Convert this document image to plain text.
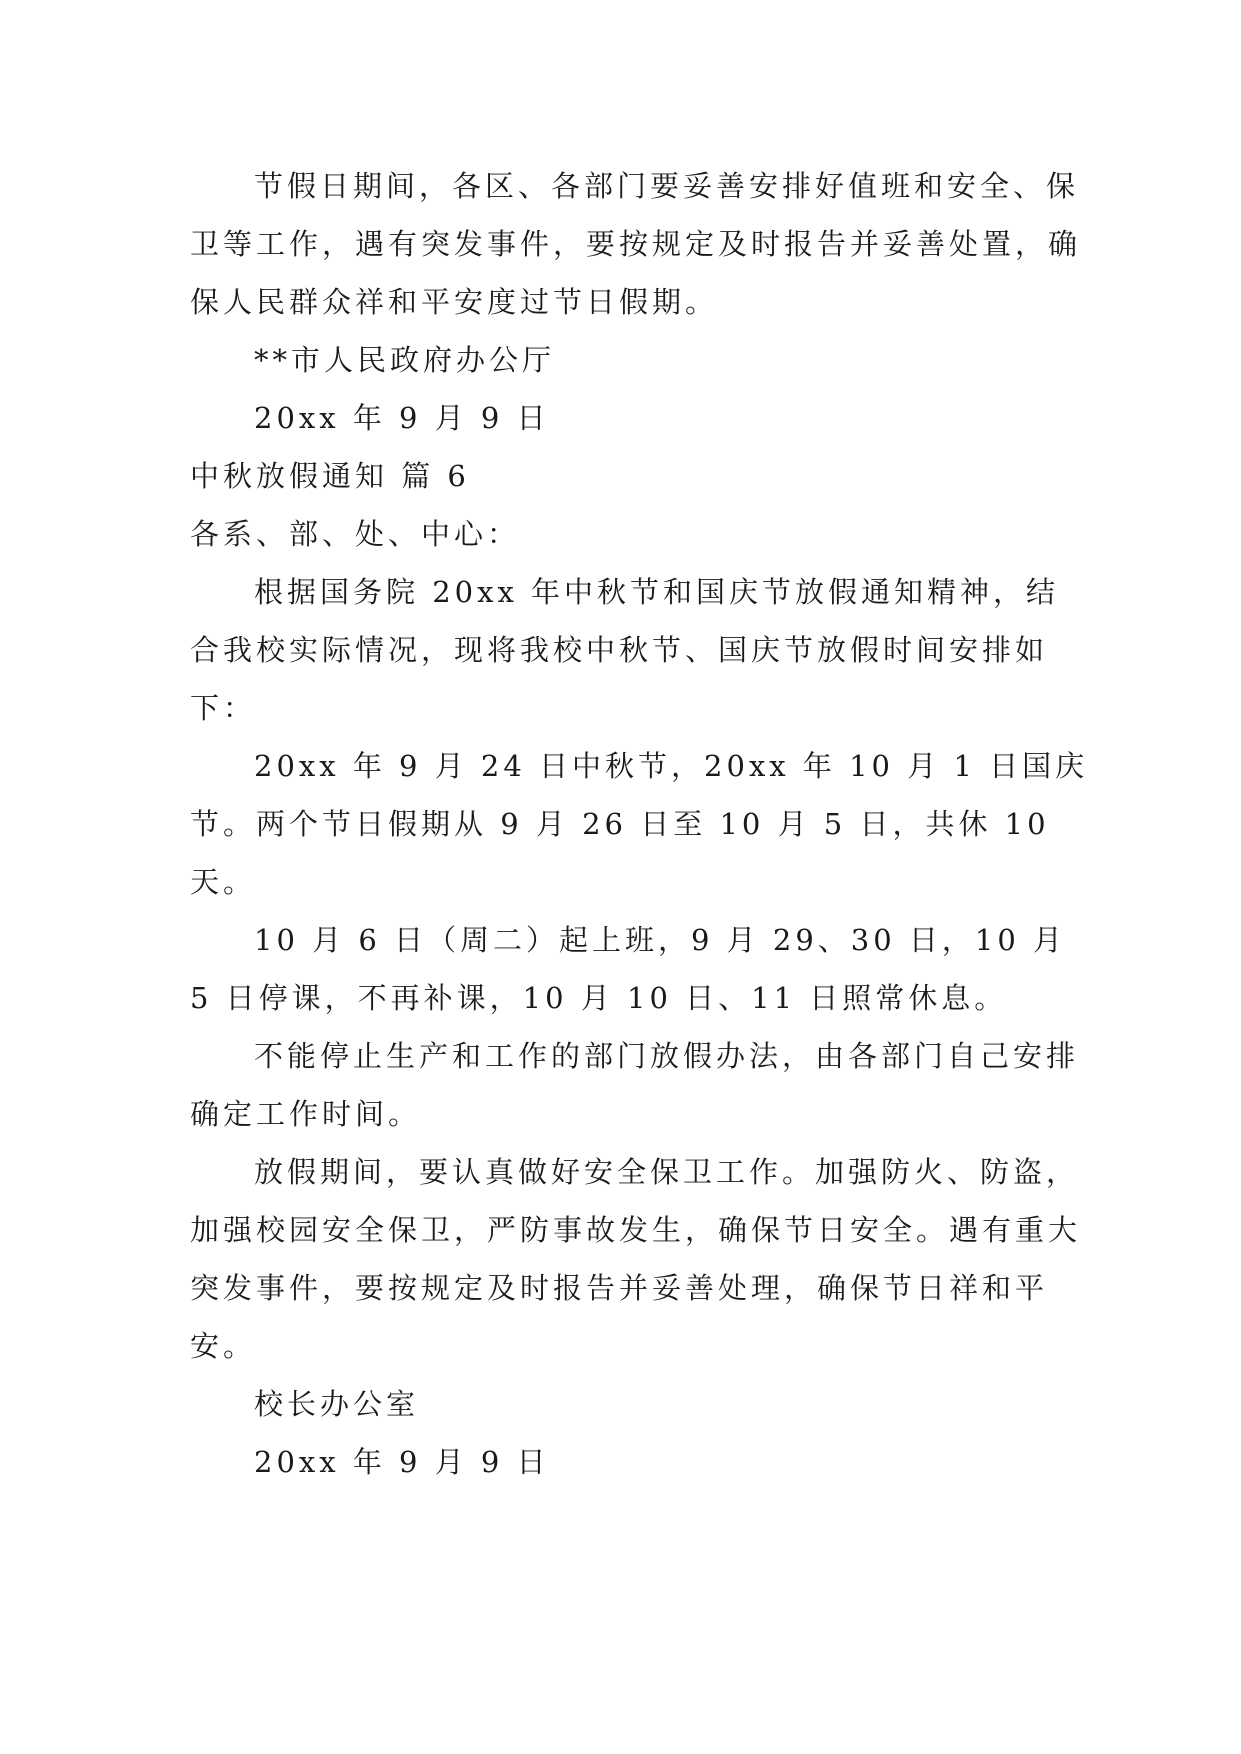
节假日期间，各区、各部门要妥善安排好值班和安全、保卫等工作，遇有突发事件，要按规定及时报告并妥善处置，确保人民群众祥和平安度过节日假期。

**市人民政府办公厅

20xx 年 9 月 9 日

中秋放假通知 篇 6

各系、部、处、中心：

根据国务院 20xx 年中秋节和国庆节放假通知精神，结合我校实际情况，现将我校中秋节、国庆节放假时间安排如下：

20xx 年 9 月 24 日中秋节，20xx 年 10 月 1 日国庆节。两个节日假期从 9 月 26 日至 10 月 5 日，共休 10 天。

10 月 6 日（周二）起上班，9 月 29、30 日，10 月 5 日停课，不再补课，10 月 10 日、11 日照常休息。

不能停止生产和工作的部门放假办法，由各部门自己安排确定工作时间。

放假期间，要认真做好安全保卫工作。加强防火、防盗，加强校园安全保卫，严防事故发生，确保节日安全。遇有重大突发事件，要按规定及时报告并妥善处理，确保节日祥和平安。

校长办公室

20xx 年 9 月 9 日
